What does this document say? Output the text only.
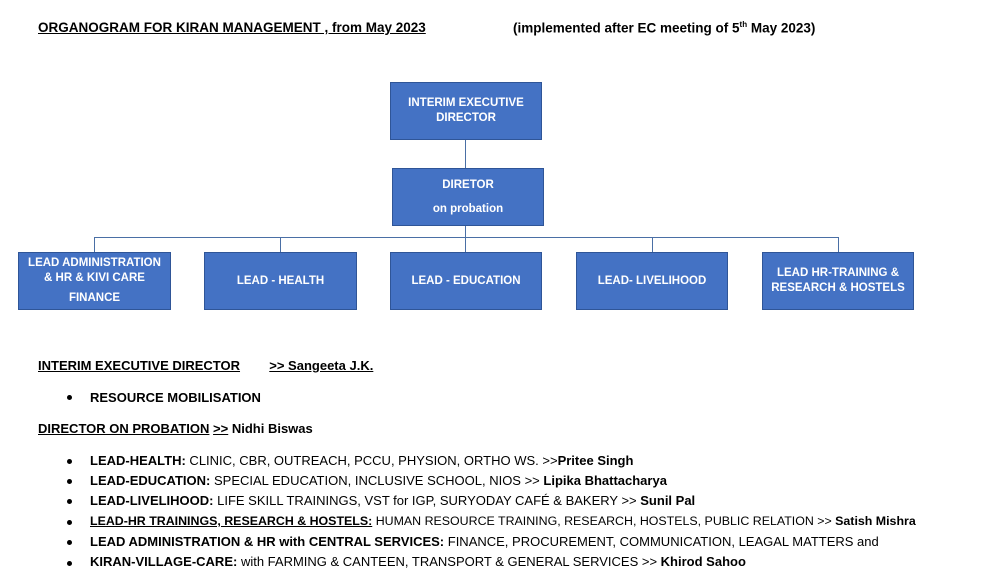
ORGANOGRAM FOR KIRAN MANAGEMENT , from May 2023	(implemented after EC meeting of 5th May 2023)
INTERIM EXECUTIVE
DIRECTOR
DIRETOR
on probation
LEAD ADMINISTRATION
& HR & KIVI CARE
FINANCE
LEAD - HEALTH	LEAD - EDUCATION	LEAD- LIVELIHOOD
LEAD HR-TRAINING &
RESEARCH & HOSTELS
INTERIM EXECUTIVE DIRECTOR >> Sangeeta J.K.
RESOURCE MOBILISATION
DIRECTOR ON PROBATION >> Nidhi Biswas
LEAD-HEALTH: CLINIC, CBR, OUTREACH, PCCU, PHYSION, ORTHO WS. >>Pritee Singh
LEAD-EDUCATION: SPECIAL EDUCATION, INCLUSIVE SCHOOL, NIOS >> Lipika Bhattacharya
LEAD-LIVELIHOOD: LIFE SKILL TRAININGS, VST for IGP, SURYODAY CAFÉ & BAKERY >> Sunil Pal
LEAD-HR TRAININGS, RESEARCH & HOSTELS: HUMAN RESOURCE TRAINING, RESEARCH, HOSTELS, PUBLIC RELATION >> Satish Mishra
LEAD ADMINISTRATION & HR with CENTRAL SERVICES: FINANCE, PROCUREMENT, COMMUNICATION, LEAGAL MATTERS and
KIRAN-VILLAGE-CARE: with FARMING & CANTEEN, TRANSPORT & GENERAL SERVICES >> Khirod Sahoo
